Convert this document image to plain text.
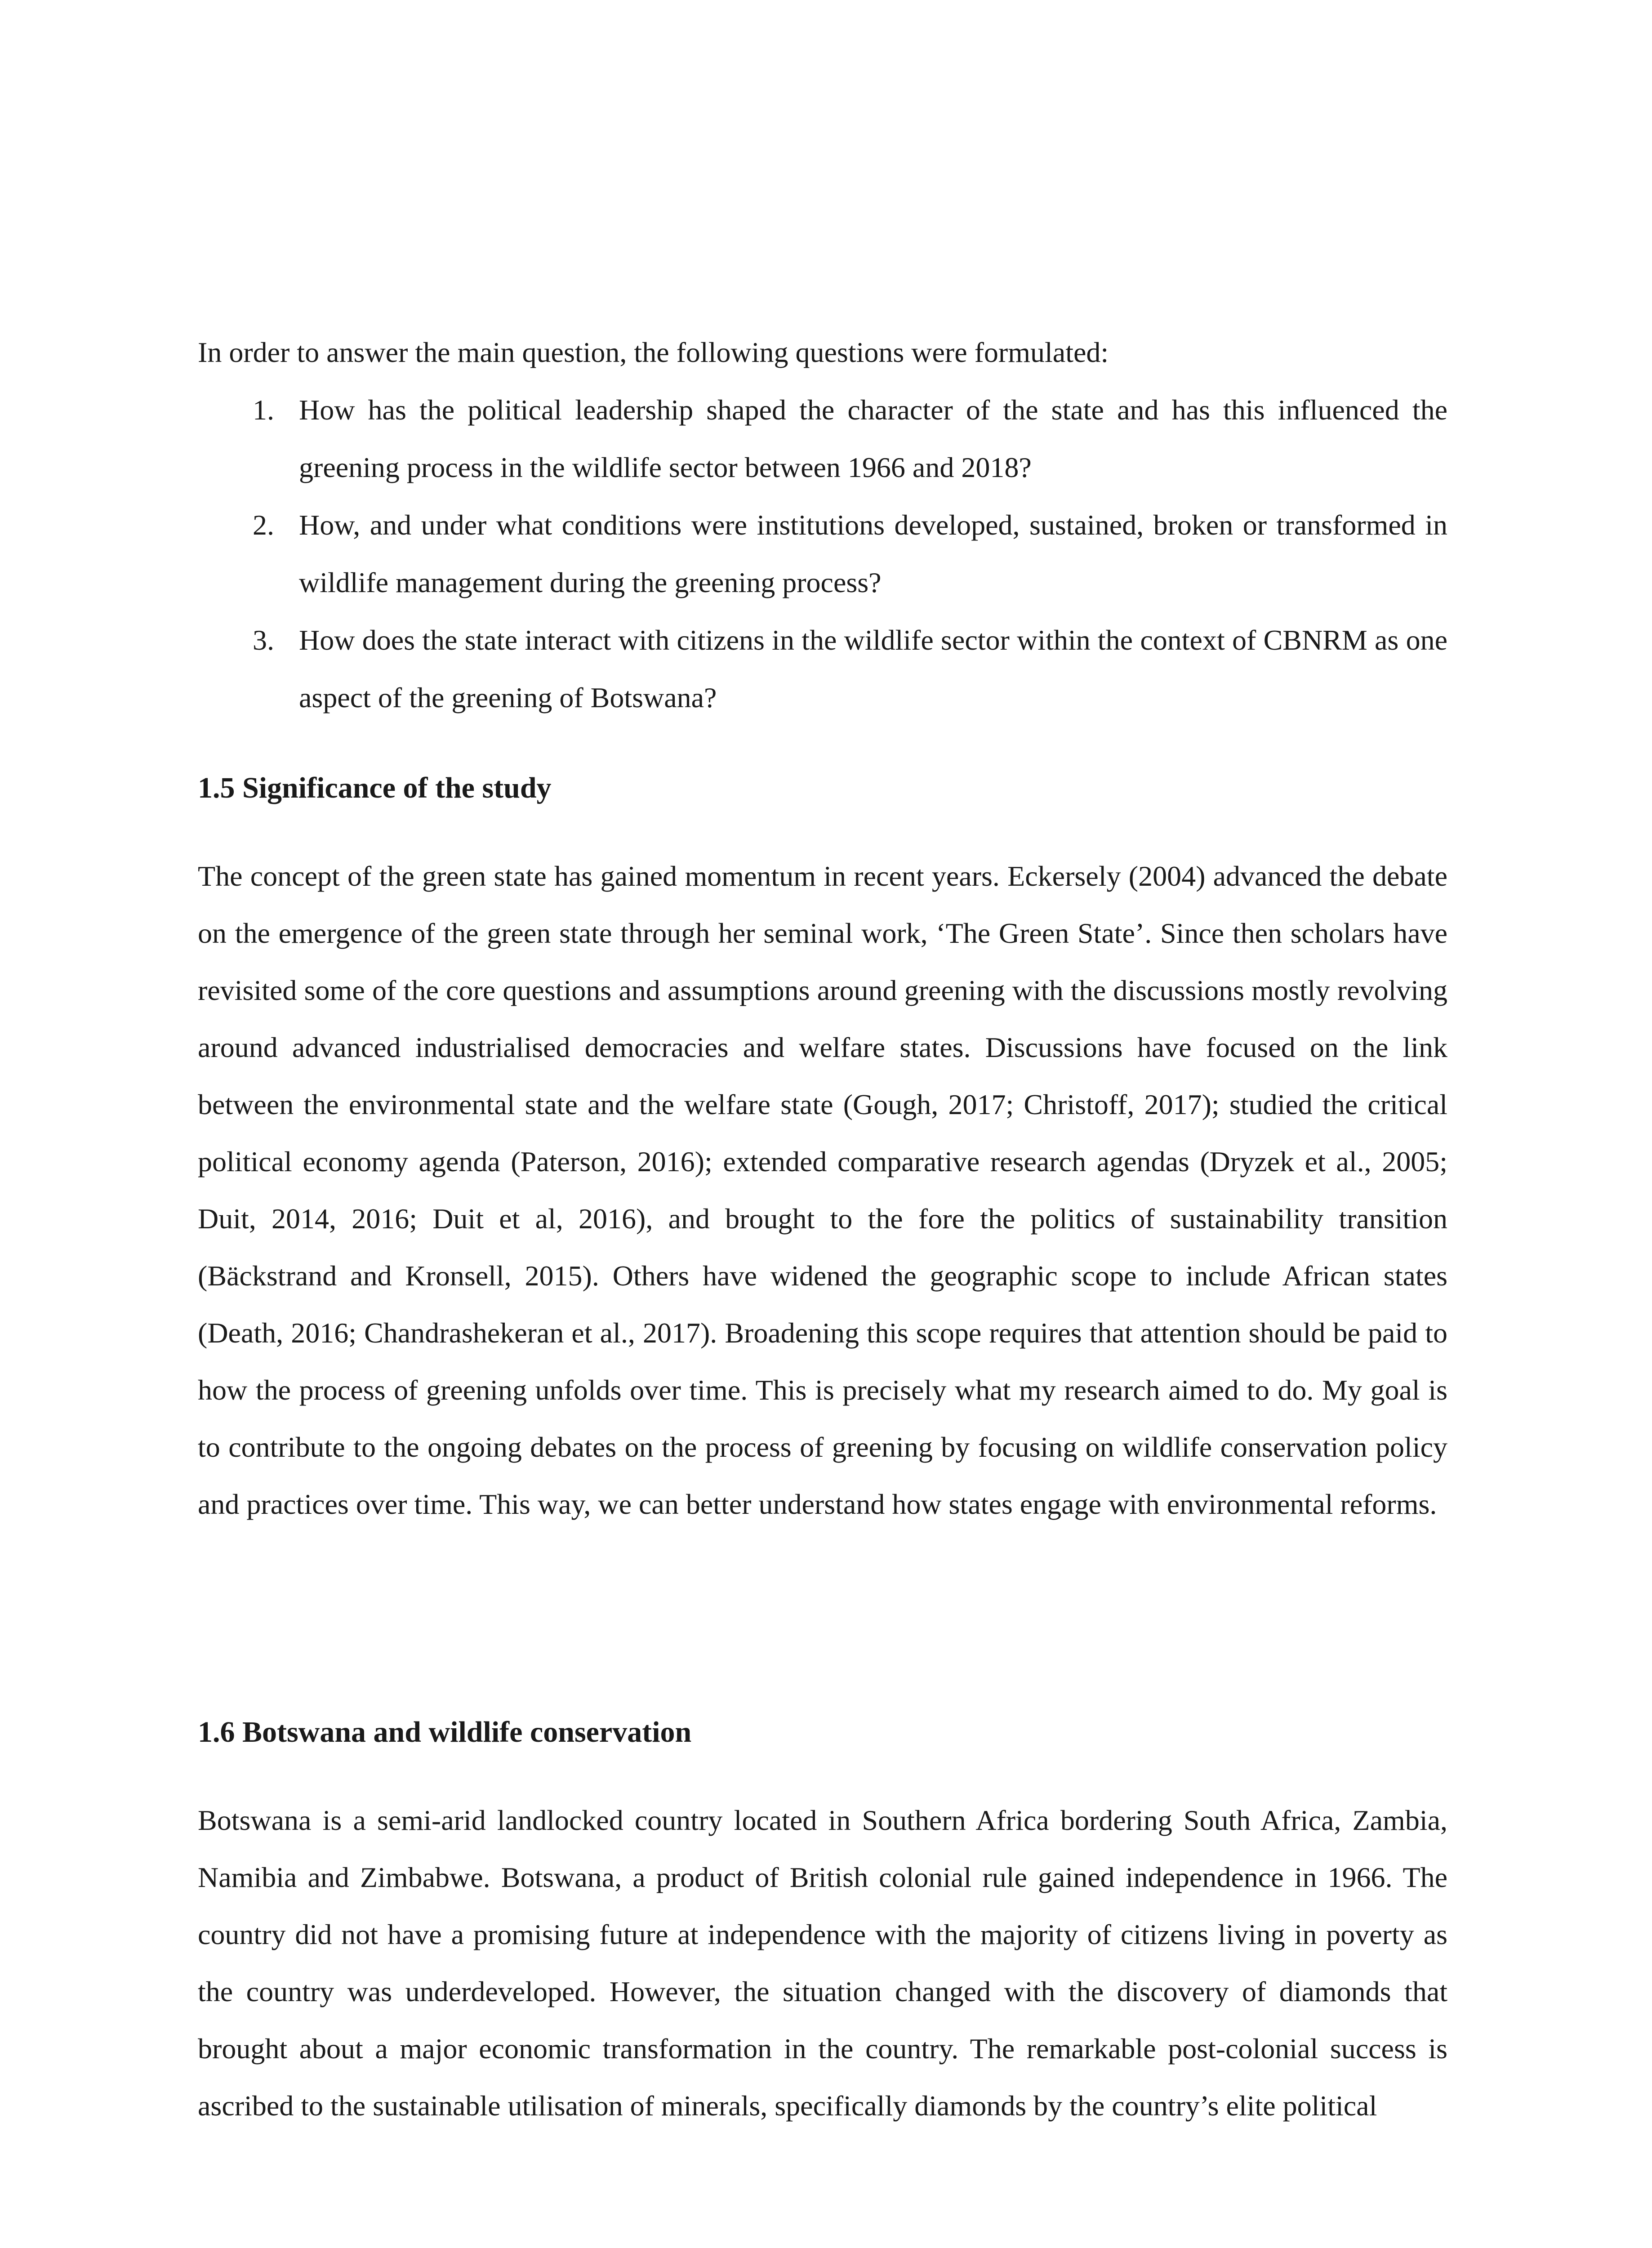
In order to answer the main question, the following questions were formulated:

1. How has the political leadership shaped the character of the state and has this influenced the greening process in the wildlife sector between 1966 and 2018?
2. How, and under what conditions were institutions developed, sustained, broken or transformed in wildlife management during the greening process?
3. How does the state interact with citizens in the wildlife sector within the context of CBNRM as one aspect of the greening of Botswana?
1.5 Significance of the study

The concept of the green state has gained momentum in recent years. Eckersely (2004) advanced the debate on the emergence of the green state through her seminal work, ‘The Green State’. Since then scholars have revisited some of the core questions and assumptions around greening with the discussions mostly revolving around advanced industrialised democracies and welfare states. Discussions have focused on the link between the environmental state and the welfare state (Gough, 2017; Christoff, 2017); studied the critical political economy agenda (Paterson, 2016); extended comparative research agendas (Dryzek et al., 2005; Duit, 2014, 2016; Duit et al, 2016), and brought to the fore the politics of sustainability transition (Bäckstrand and Kronsell, 2015). Others have widened the geographic scope to include African states (Death, 2016; Chandrashekeran et al., 2017). Broadening this scope requires that attention should be paid to how the process of greening unfolds over time. This is precisely what my research aimed to do. My goal is to contribute to the ongoing debates on the process of greening by focusing on wildlife conservation policy and practices over time. This way, we can better understand how states engage with environmental reforms.

1.6 Botswana and wildlife conservation

Botswana is a semi-arid landlocked country located in Southern Africa bordering South Africa, Zambia, Namibia and Zimbabwe. Botswana, a product of British colonial rule gained independence in 1966. The country did not have a promising future at independence with the majority of citizens living in poverty as the country was underdeveloped. However, the situation changed with the discovery of diamonds that brought about a major economic transformation in the country. The remarkable post-colonial success is ascribed to the sustainable utilisation of minerals, specifically diamonds by the country’s elite political
